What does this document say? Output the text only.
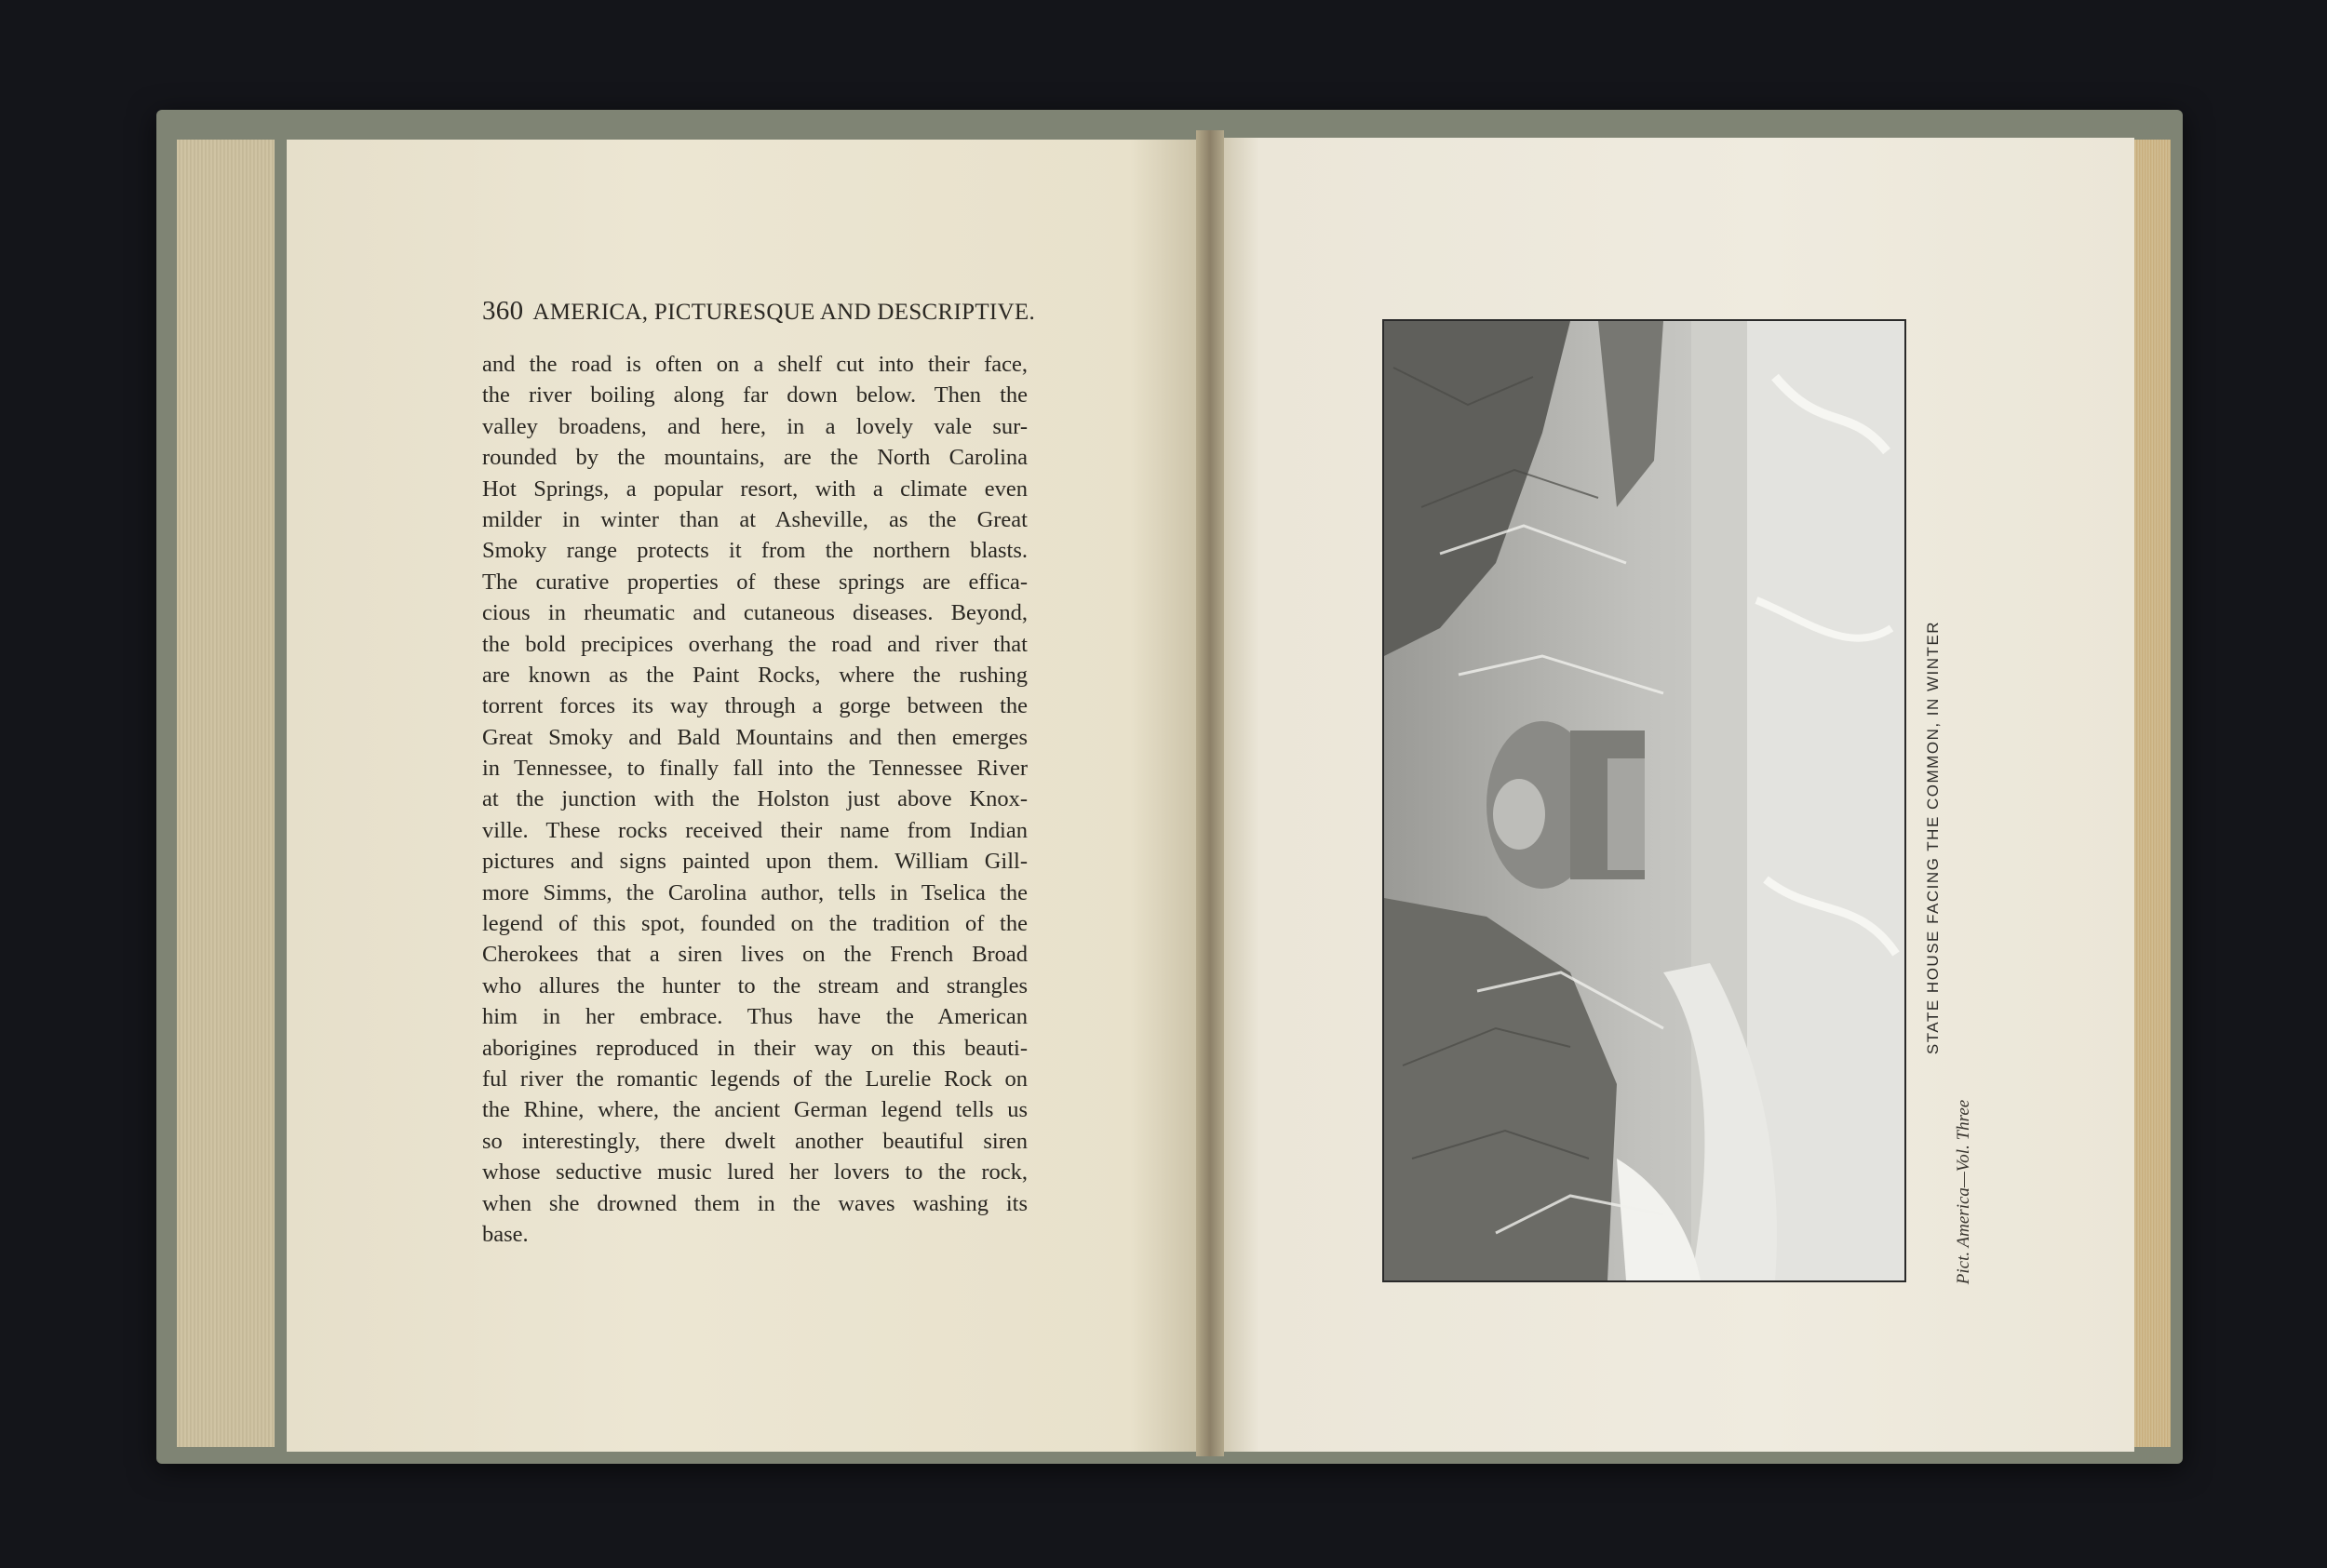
360 AMERICA, PICTURESQUE AND DESCRIPTIVE.
and the road is often on a shelf cut into their face,
the river boiling along far down below. Then the
valley broadens, and here, in a lovely vale sur-
rounded by the mountains, are the North Carolina
Hot Springs, a popular resort, with a climate even
milder in winter than at Asheville, as the Great
Smoky range protects it from the northern blasts.
The curative properties of these springs are effica-
cious in rheumatic and cutaneous diseases. Beyond,
the bold precipices overhang the road and river that
are known as the Paint Rocks, where the rushing
torrent forces its way through a gorge between the
Great Smoky and Bald Mountains and then emerges
in Tennessee, to finally fall into the Tennessee River
at the junction with the Holston just above Knox-
ville. These rocks received their name from Indian
pictures and signs painted upon them. William Gill-
more Simms, the Carolina author, tells in Tselica the
legend of this spot, founded on the tradition of the
Cherokees that a siren lives on the French Broad
who allures the hunter to the stream and strangles
him in her embrace. Thus have the American
aborigines reproduced in their way on this beauti-
ful river the romantic legends of the Lurelie Rock on
the Rhine, where, the ancient German legend tells us
so interestingly, there dwelt another beautiful siren
whose seductive music lured her lovers to the rock,
when she drowned them in the waves washing its
base.
STATE HOUSE FACING THE COMMON, IN WINTER
Pict. America—Vol. Three
